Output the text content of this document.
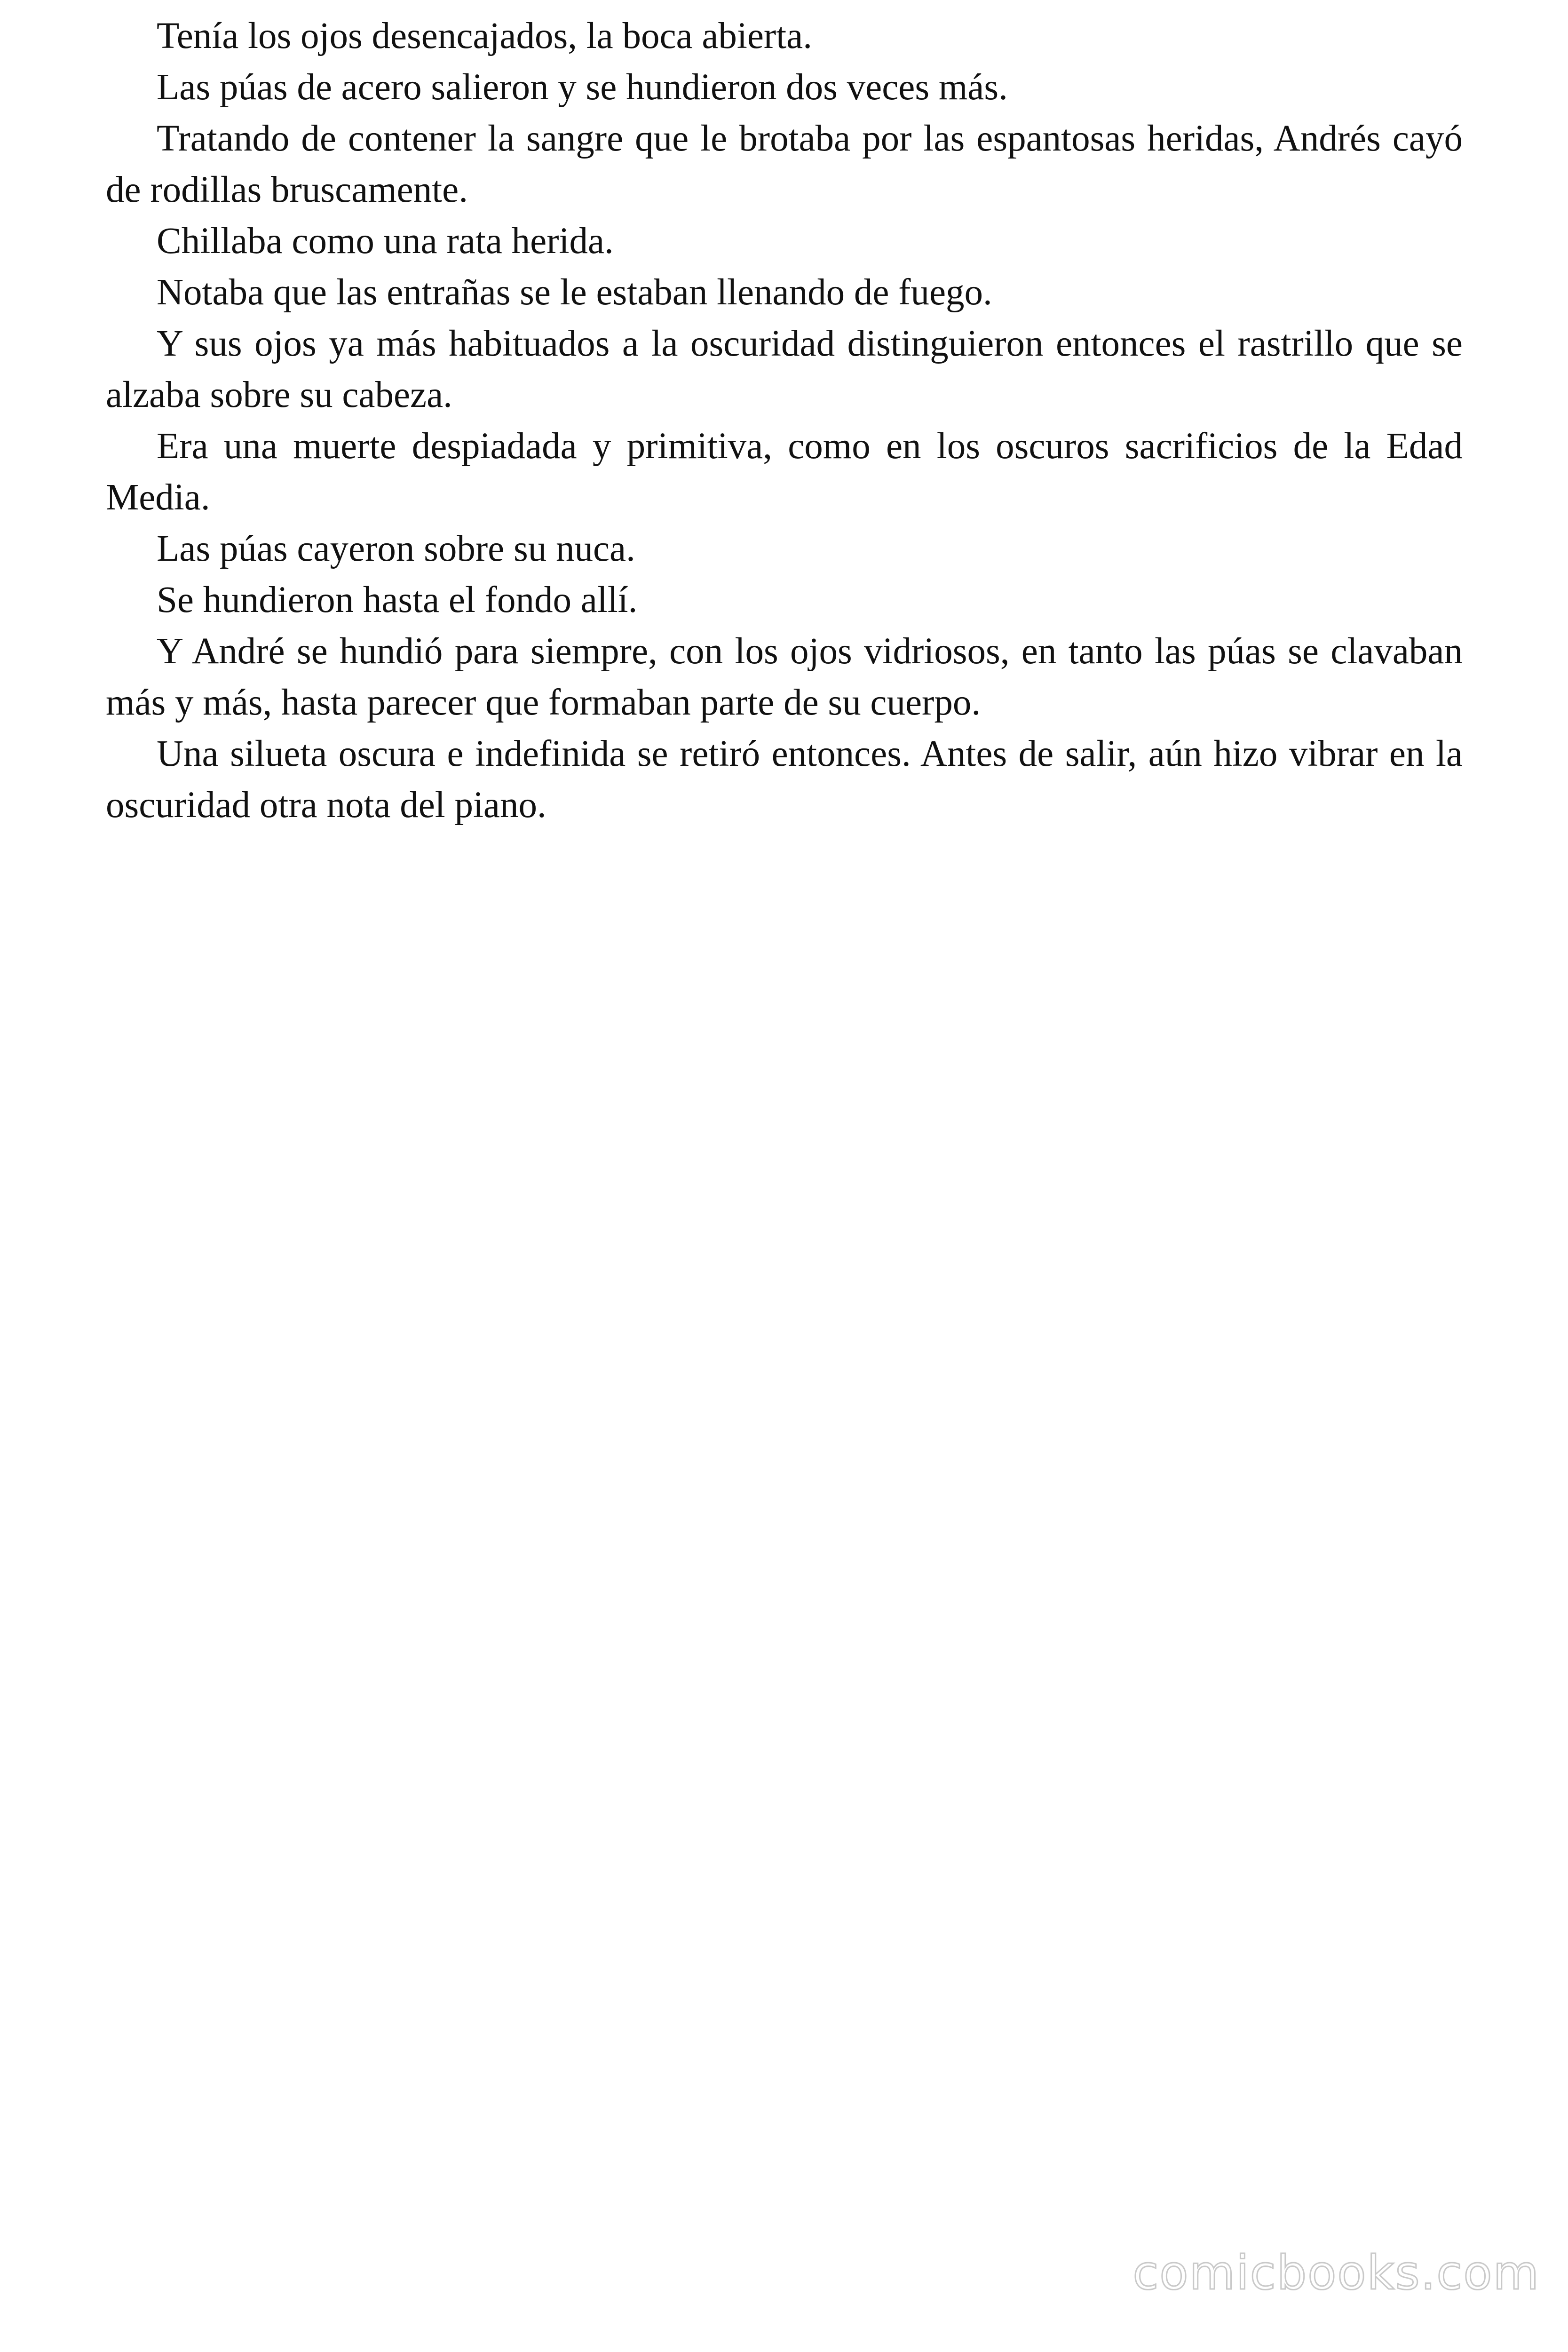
Tenía los ojos desencajados, la boca abierta.

Las púas de acero salieron y se hundieron dos veces más.

Tratando de contener la sangre que le brotaba por las espantosas heridas, Andrés cayó de rodillas bruscamente.

Chillaba como una rata herida.

Notaba que las entrañas se le estaban llenando de fuego.

Y sus ojos ya más habituados a la oscuridad distinguieron entonces el rastrillo que se alzaba sobre su cabeza.

Era una muerte despiadada y primitiva, como en los oscuros sacrificios de la Edad Media.

Las púas cayeron sobre su nuca.

Se hundieron hasta el fondo allí.

Y André se hundió para siempre, con los ojos vidriosos, en tanto las púas se clavaban más y más, hasta parecer que formaban parte de su cuerpo.

Una silueta oscura e indefinida se retiró entonces. Antes de salir, aún hizo vibrar en la oscuridad otra nota del piano.

comicbooks.com
